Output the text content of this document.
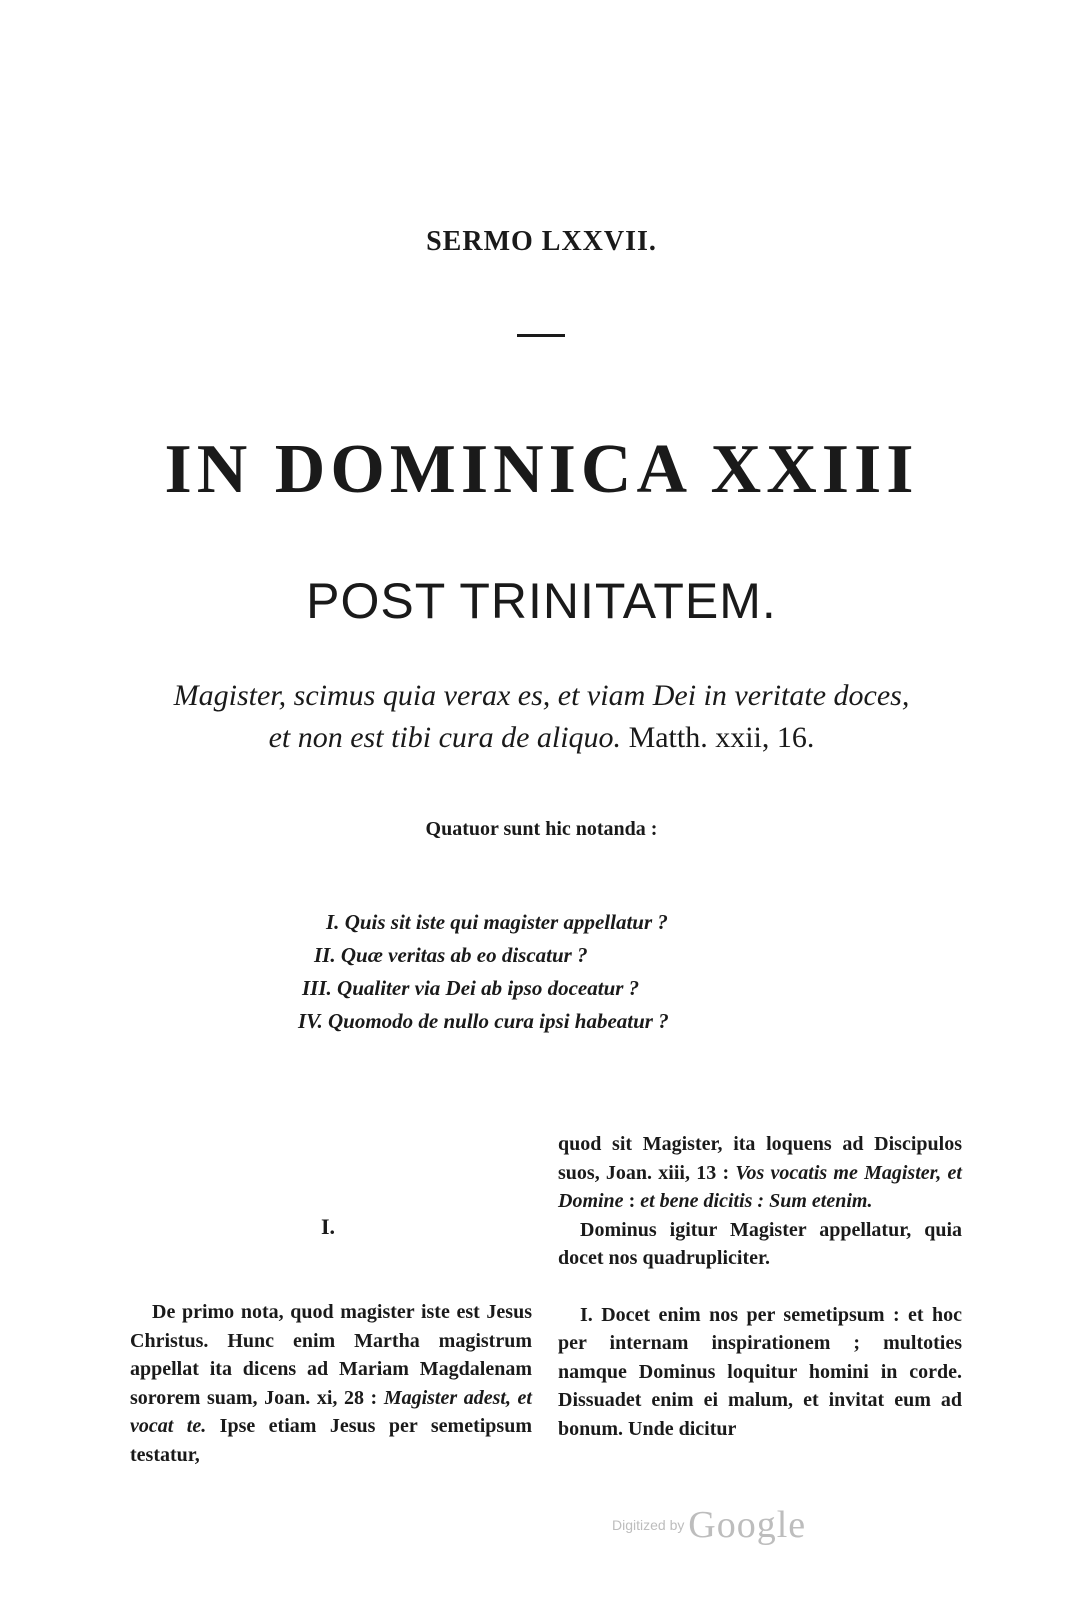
SERMO LXXVII.
IN DOMINICA XXIII
POST TRINITATEM.
Magister, scimus quia verax es, et viam Dei in veritate doces,
et non est tibi cura de aliquo. Matth. xxii, 16.
Quatuor sunt hic notanda :
I. Quis sit iste qui magister appellatur ?
II. Quæ veritas ab eo discatur ?
III. Qualiter via Dei ab ipso doceatur ?
IV. Quomodo de nullo cura ipsi habeatur ?
I.
De primo nota, quod magister iste est Jesus Christus. Hunc enim Martha magistrum appellat ita dicens ad Mariam Magdalenam sororem suam, Joan. xi, 28 : Magister adest, et vocat te. Ipse etiam Jesus per semetipsum testatur,
quod sit Magister, ita loquens ad Discipulos suos, Joan. xiii, 13 : Vos vocatis me Magister, et Domine : et bene dicitis : Sum etenim.
Dominus igitur Magister appellatur, quia docet nos quadrupliciter.
I. Docet enim nos per semetipsum : et hoc per internam inspirationem ; multoties namque Dominus loquitur homini in corde. Dissuadet enim ei malum, et invitat eum ad bonum. Unde dicitur
Digitized by Google
